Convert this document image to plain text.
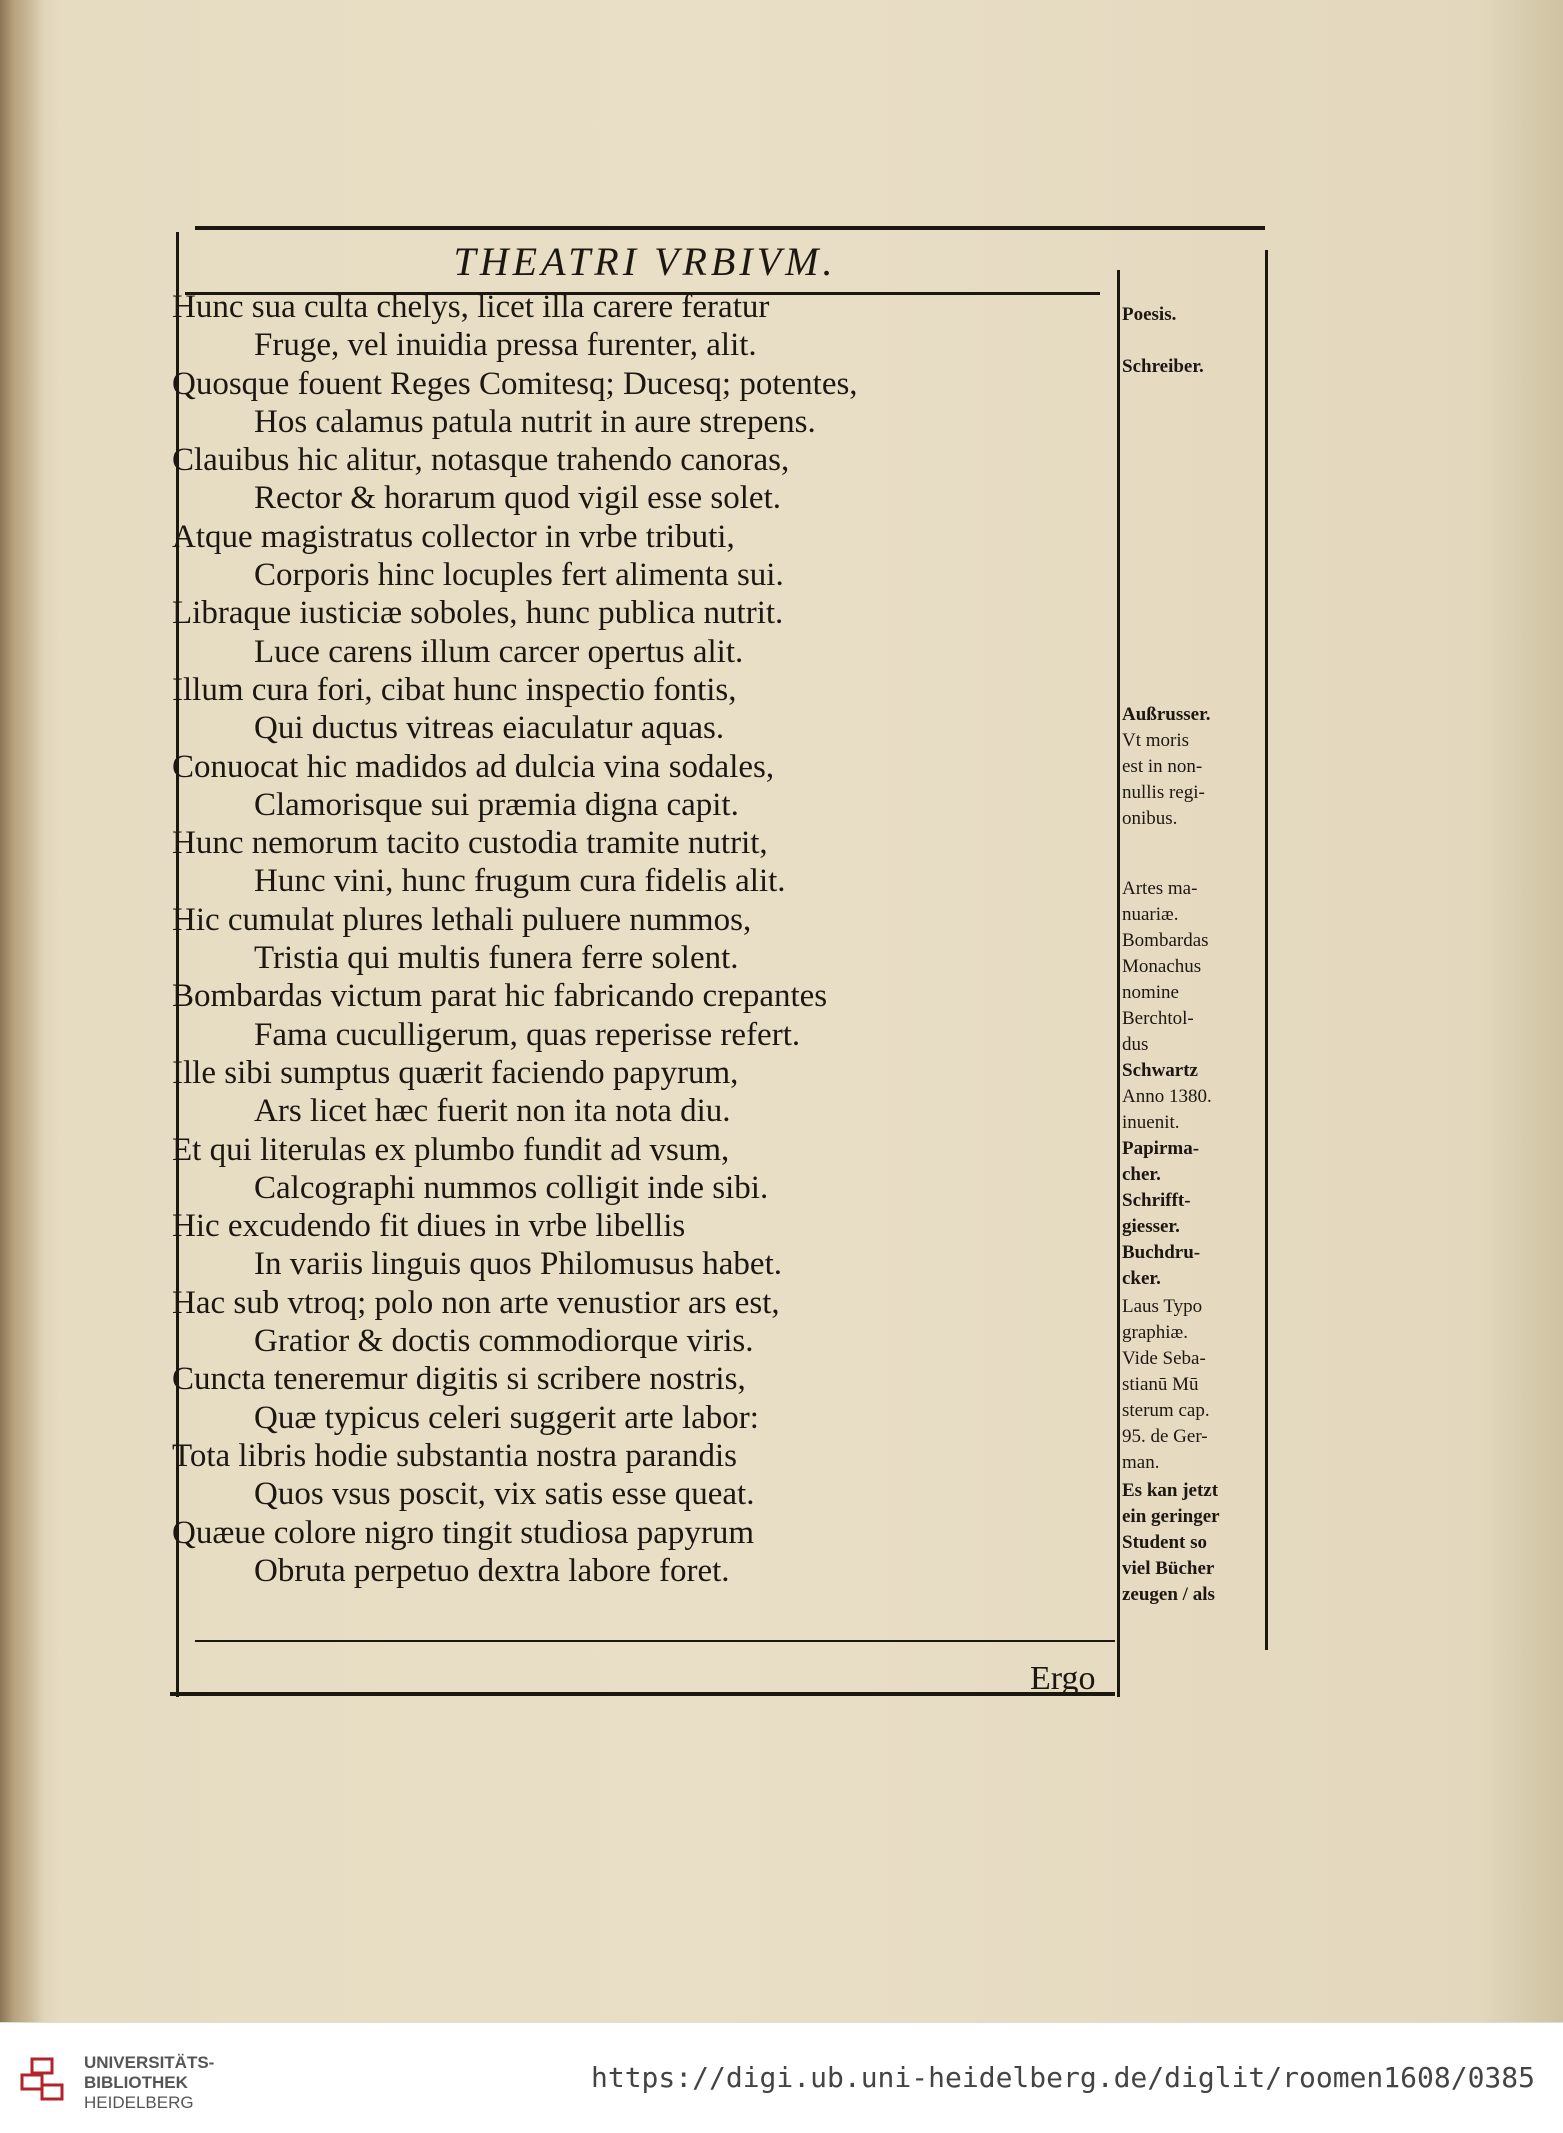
THEATRI VRBIVM.
Hunc sua culta chelys, licet illa carere feratur
Fruge, vel inuidia pressa furenter, alit.
Quosque fouent Reges Comitesq; Ducesq; potentes,
Hos calamus patula nutrit in aure strepens.
Clauibus hic alitur, notasque trahendo canoras,
Rector & horarum quod vigil esse solet.
Atque magistratus collector in vrbe tributi,
Corporis hinc locuples fert alimenta sui.
Libraque iusticiæ soboles, hunc publica nutrit.
Luce carens illum carcer opertus alit.
Illum cura fori, cibat hunc inspectio fontis,
Qui ductus vitreas eiaculatur aquas.
Conuocat hic madidos ad dulcia vina sodales,
Clamorisque sui præmia digna capit.
Hunc nemorum tacito custodia tramite nutrit,
Hunc vini, hunc frugum cura fidelis alit.
Hic cumulat plures lethali puluere nummos,
Tristia qui multis funera ferre solent.
Bombardas victum parat hic fabricando crepantes
Fama cuculligerum, quas reperisse refert.
Ille sibi sumptus quærit faciendo papyrum,
Ars licet hæc fuerit non ita nota diu.
Et qui literulas ex plumbo fundit ad vsum,
Calcographi nummos colligit inde sibi.
Hic excudendo fit diues in vrbe libellis
In variis linguis quos Philomusus habet.
Hac sub vtroq; polo non arte venustior ars est,
Gratior & doctis commodiorque viris.
Cuncta teneremur digitis si scribere nostris,
Quæ typicus celeri suggerit arte labor:
Tota libris hodie substantia nostra parandis
Quos vsus poscit, vix satis esse queat.
Quæue colore nigro tingit studiosa papyrum
Obruta perpetuo dextra labore foret.
Poesis.
Schreiber.
Außrusser.
Vt moris
est in non-
nullis regi-
onibus.
Artes ma-
nuariæ.
Bombardas
Monachus
nomine
Berchtol-
dus
Schwartz
Anno 1380.
inuenit.
Papirma-
cher.
Schrifft-
giesser.
Buchdru-
cker.
Laus Typo
graphiæ.
Vide Seba-
stianū Mū
sterum cap.
95. de Ger-
man.
Es kan jetzt
ein geringer
Student so
viel Bücher
zeugen / als
Ergo
UNIVERSITÄTS-
BIBLIOTHEK
HEIDELBERG
https://digi.ub.uni-heidelberg.de/diglit/roomen1608/0385
